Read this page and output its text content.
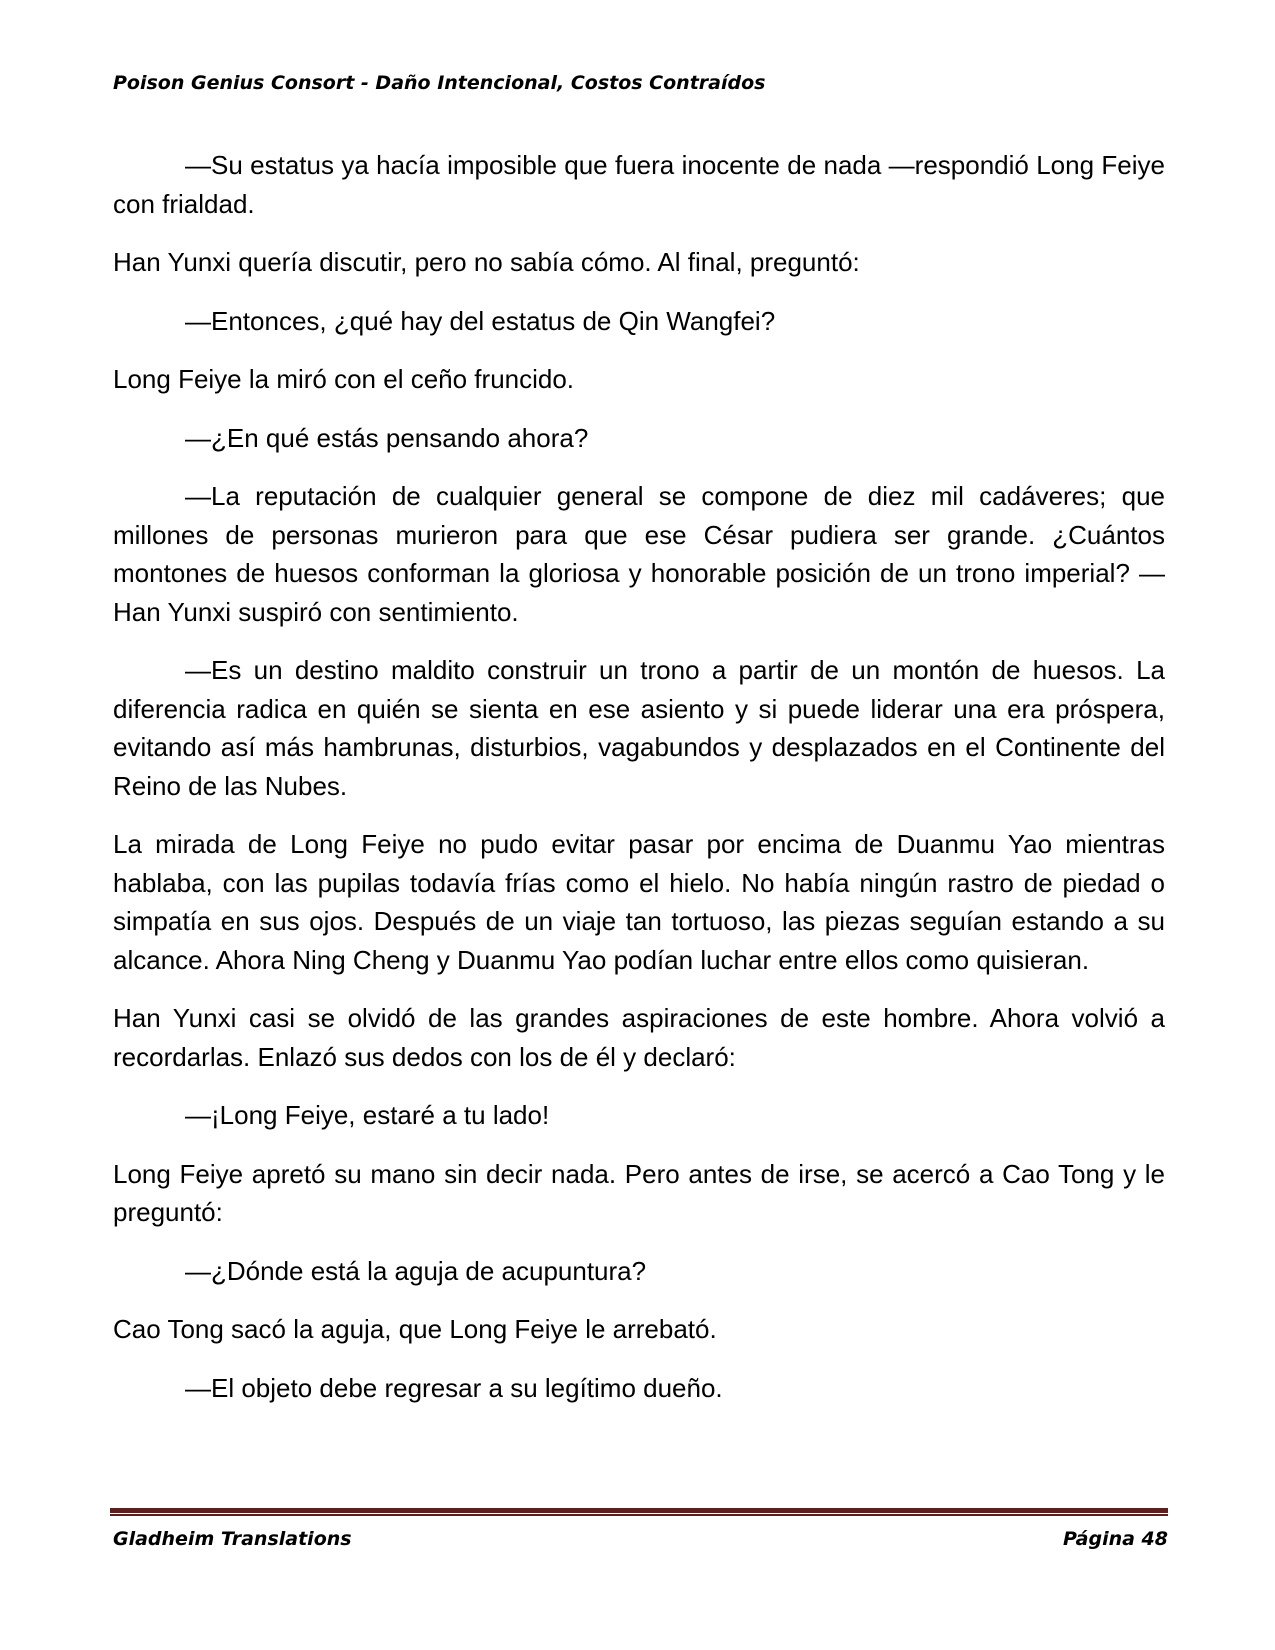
Poison Genius Consort - Daño Intencional, Costos Contraídos

—Su estatus ya hacía imposible que fuera inocente de nada —respondió Long Feiye con frialdad.

Han Yunxi quería discutir, pero no sabía cómo. Al final, preguntó:

—Entonces, ¿qué hay del estatus de Qin Wangfei?

Long Feiye la miró con el ceño fruncido.

—¿En qué estás pensando ahora?

—La reputación de cualquier general se compone de diez mil cadáveres; que millones de personas murieron para que ese César pudiera ser grande. ¿Cuántos montones de huesos conforman la gloriosa y honorable posición de un trono imperial? —Han Yunxi suspiró con sentimiento.

—Es un destino maldito construir un trono a partir de un montón de huesos. La diferencia radica en quién se sienta en ese asiento y si puede liderar una era próspera, evitando así más hambrunas, disturbios, vagabundos y desplazados en el Continente del Reino de las Nubes.

La mirada de Long Feiye no pudo evitar pasar por encima de Duanmu Yao mientras hablaba, con las pupilas todavía frías como el hielo. No había ningún rastro de piedad o simpatía en sus ojos. Después de un viaje tan tortuoso, las piezas seguían estando a su alcance. Ahora Ning Cheng y Duanmu Yao podían luchar entre ellos como quisieran.

Han Yunxi casi se olvidó de las grandes aspiraciones de este hombre. Ahora volvió a recordarlas. Enlazó sus dedos con los de él y declaró:

—¡Long Feiye, estaré a tu lado!

Long Feiye apretó su mano sin decir nada. Pero antes de irse, se acercó a Cao Tong y le preguntó:

—¿Dónde está la aguja de acupuntura?

Cao Tong sacó la aguja, que Long Feiye le arrebató.

—El objeto debe regresar a su legítimo dueño.

Gladheim Translations	Página 48
